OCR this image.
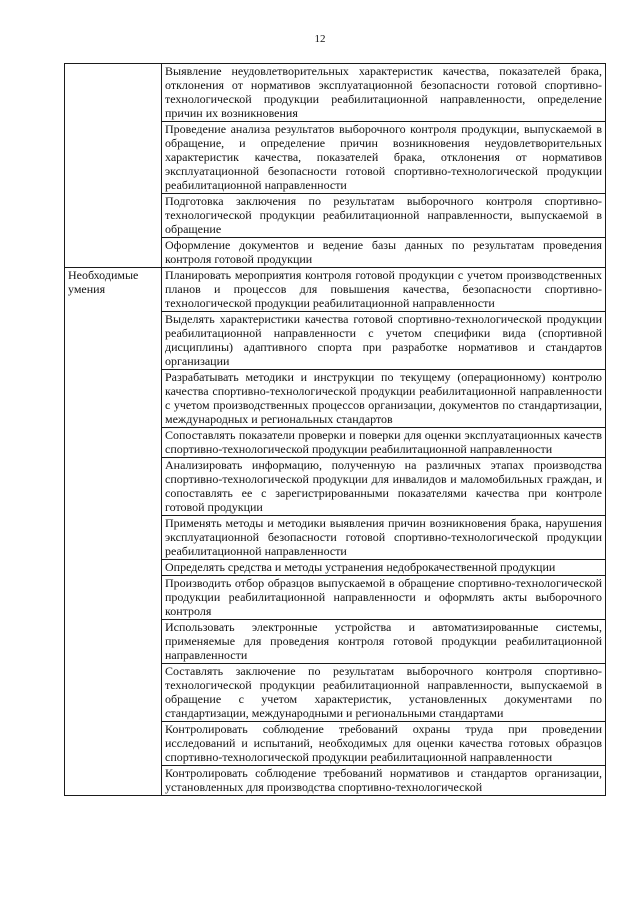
12
	Выявление неудовлетворительных характеристик качества, показателей брака, отклонения от нормативов эксплуатационной безопасности готовой спортивно-технологической продукции реабилитационной направленности, определение причин их возникновения
	Проведение анализа результатов выборочного контроля продукции, выпускаемой в обращение, и определение причин возникновения неудовлетворительных характеристик качества, показателей брака, отклонения от нормативов эксплуатационной безопасности готовой спортивно-технологической продукции реабилитационной направленности
	Подготовка заключения по результатам выборочного контроля спортивно-технологической продукции реабилитационной направленности, выпускаемой в обращение
	Оформление документов и ведение базы данных по результатам проведения контроля готовой продукции
Необходимые умения	Планировать мероприятия контроля готовой продукции с учетом производственных планов и процессов для повышения качества, безопасности спортивно-технологической продукции реабилитационной направленности
	Выделять характеристики качества готовой спортивно-технологической продукции реабилитационной направленности с учетом специфики вида (спортивной дисциплины) адаптивного спорта при разработке нормативов и стандартов организации
	Разрабатывать методики и инструкции по текущему (операционному) контролю качества спортивно-технологической продукции реабилитационной направленности с учетом производственных процессов организации, документов по стандартизации, международных и региональных стандартов
	Сопоставлять показатели проверки и поверки для оценки эксплуатационных качеств спортивно-технологической продукции реабилитационной направленности
	Анализировать информацию, полученную на различных этапах производства спортивно-технологической продукции для инвалидов и маломобильных граждан, и сопоставлять ее с зарегистрированными показателями качества при контроле готовой продукции
	Применять методы и методики выявления причин возникновения брака, нарушения эксплуатационной безопасности готовой спортивно-технологической продукции реабилитационной направленности
	Определять средства и методы устранения недоброкачественной продукции
	Производить отбор образцов выпускаемой в обращение спортивно-технологической продукции реабилитационной направленности и оформлять акты выборочного контроля
	Использовать электронные устройства и автоматизированные системы, применяемые для проведения контроля готовой продукции реабилитационной направленности
	Составлять заключение по результатам выборочного контроля спортивно-технологической продукции реабилитационной направленности, выпускаемой в обращение с учетом характеристик, установленных документами по стандартизации, международными и региональными стандартами
	Контролировать соблюдение требований охраны труда при проведении исследований и испытаний, необходимых для оценки качества готовых образцов спортивно-технологической продукции реабилитационной направленности
	Контролировать соблюдение требований нормативов и стандартов организации, установленных для производства спортивно-технологической
